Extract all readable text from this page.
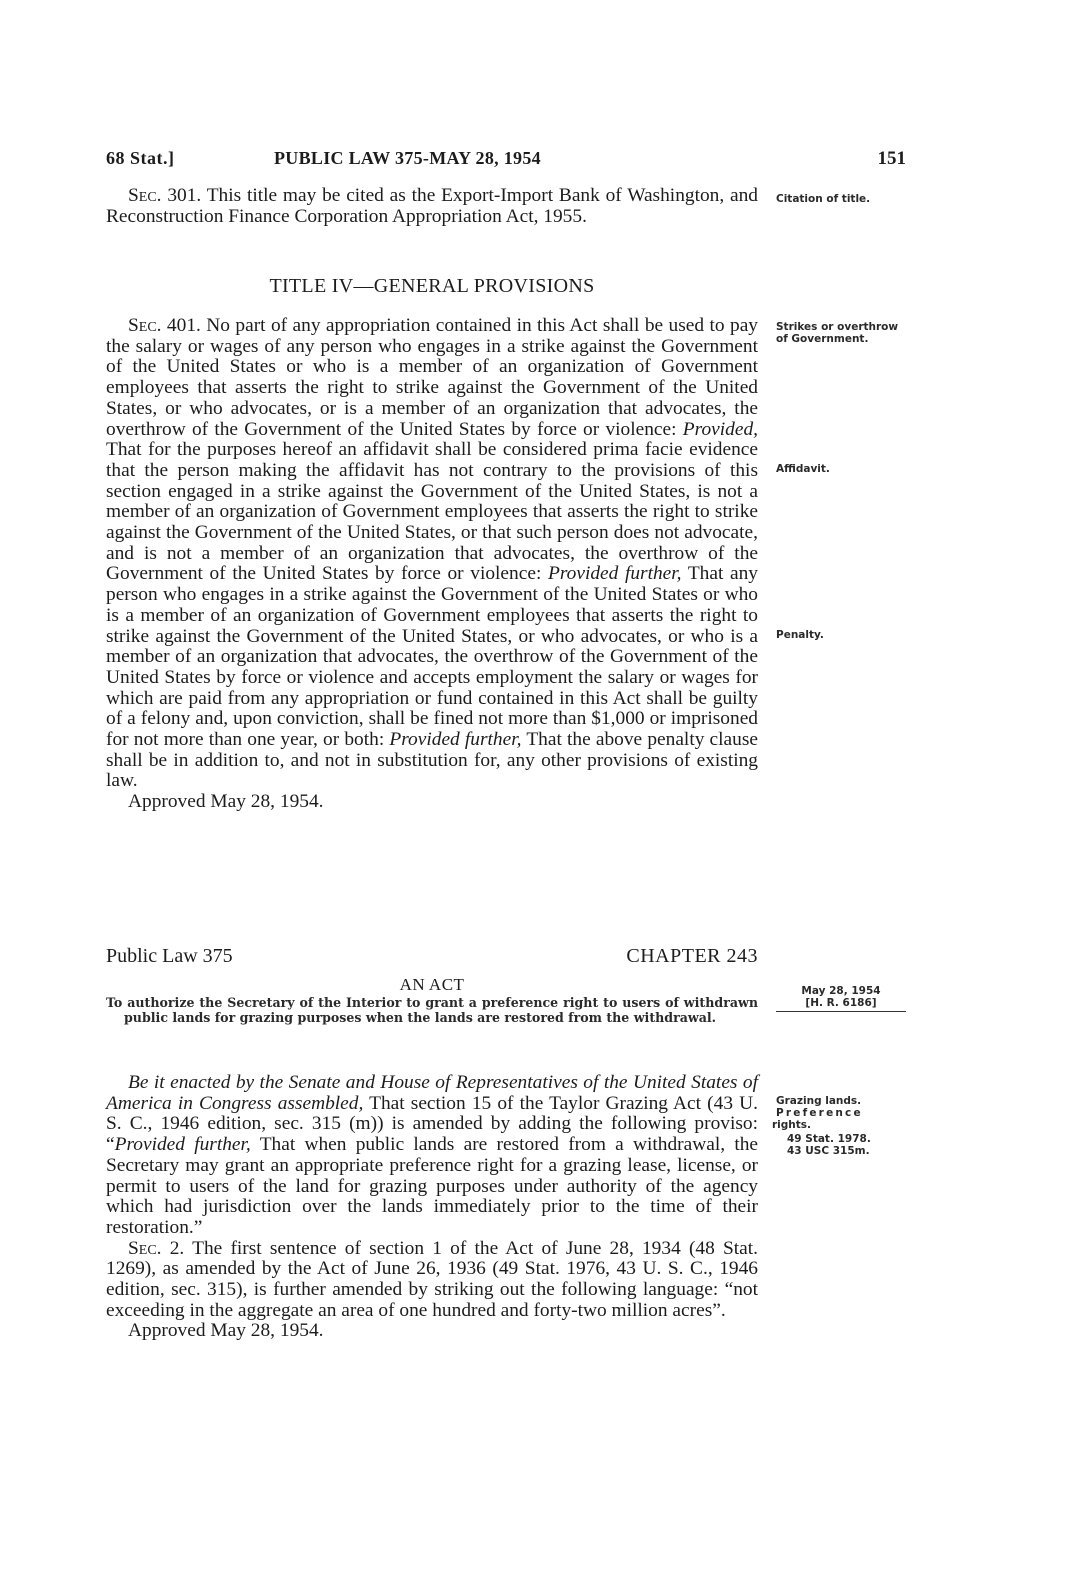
68 Stat.]	PUBLIC LAW 375-MAY 28, 1954	151

Sec. 301. This title may be cited as the Export-Import Bank of Washington, and Reconstruction Finance Corporation Appropriation Act, 1955.

Citation of title.
TITLE IV—GENERAL PROVISIONS

Sec. 401. No part of any appropriation contained in this Act shall be used to pay the salary or wages of any person who engages in a strike against the Government of the United States or who is a member of an organization of Government employees that asserts the right to strike against the Government of the United States, or who advocates, or is a member of an organization that advocates, the overthrow of the Government of the United States by force or violence: Provided, That for the purposes hereof an affidavit shall be considered prima facie evidence that the person making the affidavit has not contrary to the provisions of this section engaged in a strike against the Government of the United States, is not a member of an organization of Government employees that asserts the right to strike against the Government of the United States, or that such person does not advocate, and is not a member of an organization that advocates, the overthrow of the Government of the United States by force or violence: Provided further, That any person who engages in a strike against the Government of the United States or who is a member of an organization of Government employees that asserts the right to strike against the Government of the United States, or who advocates, or who is a member of an organization that advocates, the overthrow of the Government of the United States by force or violence and accepts employment the salary or wages for which are paid from any appropriation or fund contained in this Act shall be guilty of a felony and, upon conviction, shall be fined not more than $1,000 or imprisoned for not more than one year, or both: Provided further, That the above penalty clause shall be in addition to, and not in substitution for, any other provisions of existing law.

Approved May 28, 1954.

Strikes or overthrow of Government.
Affidavit.
Penalty.
Public Law 375	CHAPTER 243
AN ACT
To authorize the Secretary of the Interior to grant a preference right to users of withdrawn public lands for grazing purposes when the lands are restored from the withdrawal.
May 28, 1954
[H. R. 6186]

Be it enacted by the Senate and House of Representatives of the United States of America in Congress assembled, That section 15 of the Taylor Grazing Act (43 U. S. C., 1946 edition, sec. 315 (m)) is amended by adding the following proviso: “Provided further, That when public lands are restored from a withdrawal, the Secretary may grant an appropriate preference right for a grazing lease, license, or permit to users of the land for grazing purposes under authority of the agency which had jurisdiction over the lands immediately prior to the time of their restoration.”

Sec. 2. The first sentence of section 1 of the Act of June 28, 1934 (48 Stat. 1269), as amended by the Act of June 26, 1936 (49 Stat. 1976, 43 U. S. C., 1946 edition, sec. 315), is further amended by striking out the following language: “not exceeding in the aggregate an area of one hundred and forty-two million acres”.

Approved May 28, 1954.

Grazing lands.
Preference
rights.
49 Stat. 1978.
43 USC 315m.
